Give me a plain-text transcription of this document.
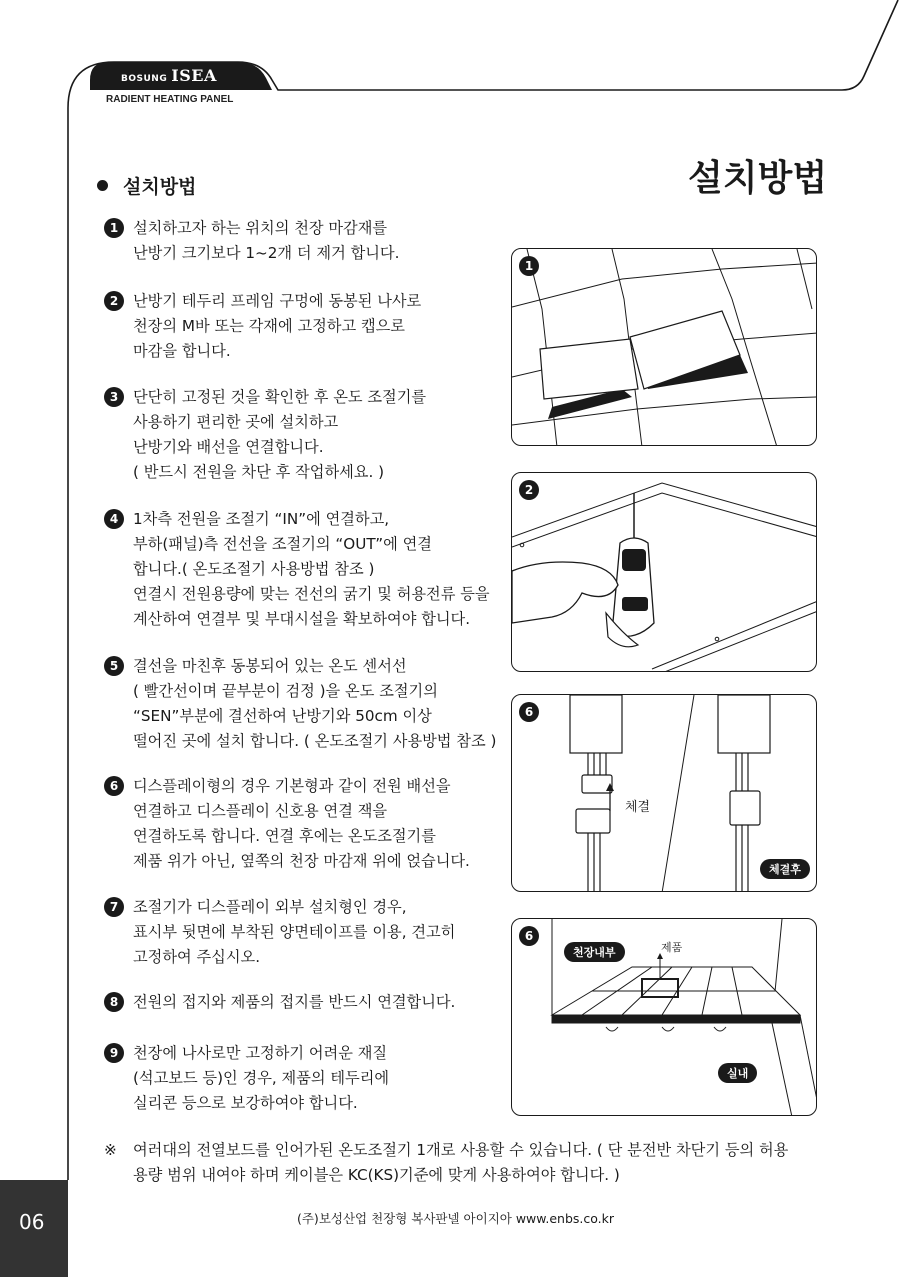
BOSUNG ISEA
RADIENT HEATING PANEL
설치방법
설치방법
1 설치하고자 하는 위치의 천장 마감재를
난방기 크기보다 1~2개 더 제거 합니다.
2 난방기 테두리 프레임 구멍에 동봉된 나사로
천장의 M바 또는 각재에 고정하고 캡으로
마감을 합니다.
3 단단히 고정된 것을 확인한 후 온도 조절기를
사용하기 편리한 곳에 설치하고
난방기와 배선을 연결합니다.
( 반드시 전원을 차단 후 작업하세요. )
4 1차측 전원을 조절기 “IN”에 연결하고,
부하(패널)측 전선을 조절기의 “OUT”에 연결
합니다.( 온도조절기 사용방법 참조 )
연결시 전원용량에 맞는 전선의 굵기 및 허용전류 등을
계산하여 연결부 및 부대시설을 확보하여야 합니다.
5 결선을 마친후 동봉되어 있는 온도 센서선
( 빨간선이며 끝부분이 검정 )을 온도 조절기의
“SEN”부분에 결선하여 난방기와 50cm 이상
떨어진 곳에 설치 합니다. ( 온도조절기 사용방법 참조 )
6 디스플레이형의 경우 기본형과 같이 전원 배선을
연결하고 디스플레이 신호용 연결 잭을
연결하도록 합니다. 연결 후에는 온도조절기를
제품 위가 아닌, 옆쪽의 천장 마감재 위에 얹습니다.
7 조절기가 디스플레이 외부 설치형인 경우,
표시부 뒷면에 부착된 양면테이프를 이용, 견고히
고정하여 주십시오.
8 전원의 접지와 제품의 접지를 반드시 연결합니다.
9 천장에 나사로만 고정하기 어려운 재질
(석고보드 등)인 경우, 제품의 테두리에
실리콘 등으로 보강하여야 합니다.
1
2
6
체결
체결후
6
천장내부	제품
실내
※ 여러대의 전열보드를 인어가된 온도조절기 1개로 사용할 수 있습니다. ( 단 분전반 차단기 등의 허용
용량 범위 내여야 하며 케이블은 KC(KS)기준에 맞게 사용하여야 합니다. )
06	(주)보성산업 천장형 복사판넬 아이지아 www.enbs.co.kr
